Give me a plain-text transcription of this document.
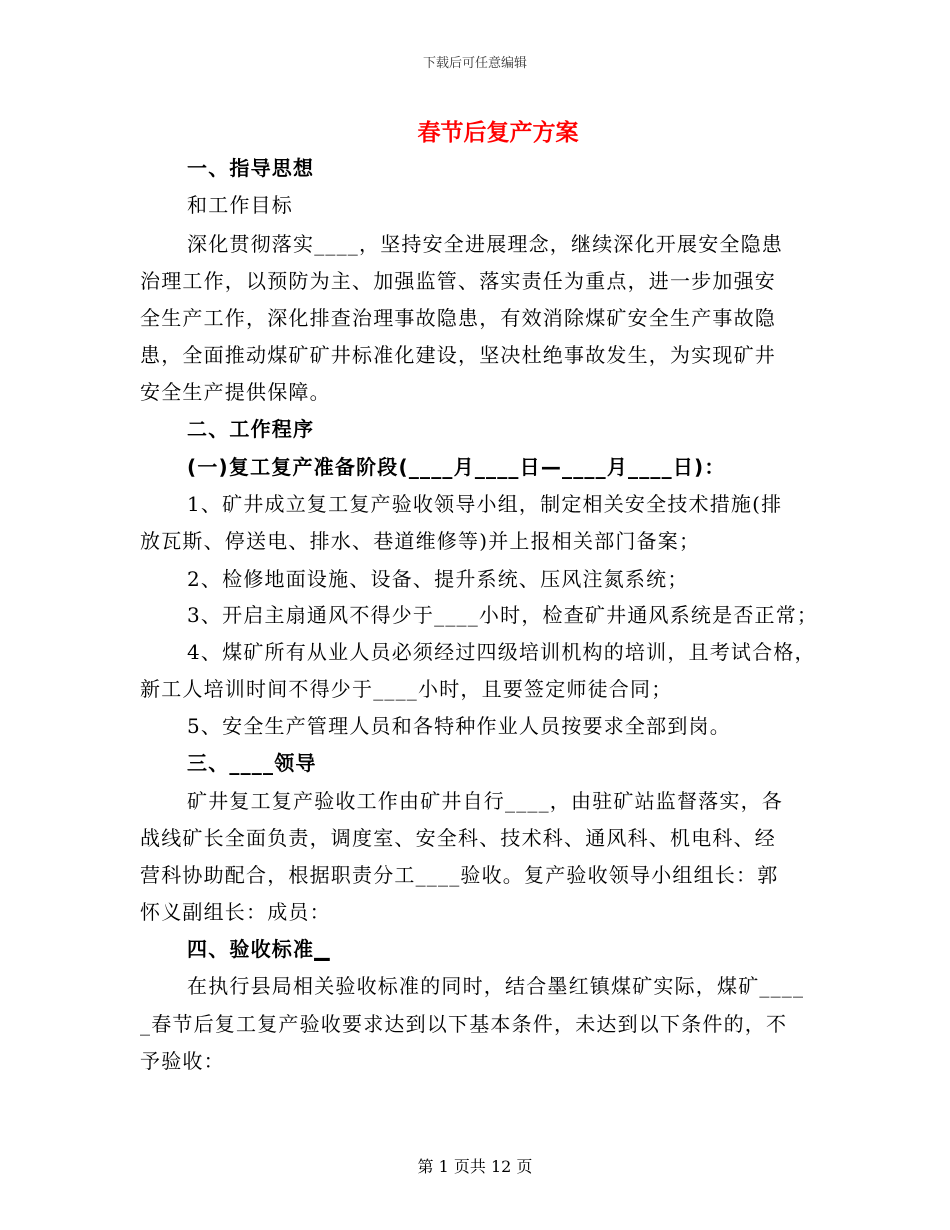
下载后可任意编辑
春节后复产方案
一、指导思想
和工作目标
深化贯彻落实____，坚持安全进展理念，继续深化开展安全隐患
治理工作，以预防为主、加强监管、落实责任为重点，进一步加强安
全生产工作，深化排查治理事故隐患，有效消除煤矿安全生产事故隐
患，全面推动煤矿矿井标准化建设，坚决杜绝事故发生，为实现矿井
安全生产提供保障。
二、工作程序
(一)复工复产准备阶段(____月____日—____月____日)：
1、矿井成立复工复产验收领导小组，制定相关安全技术措施(排
放瓦斯、停送电、排水、巷道维修等)并上报相关部门备案；
2、检修地面设施、设备、提升系统、压风注氮系统；
3、开启主扇通风不得少于____小时，检查矿井通风系统是否正常；
4、煤矿所有从业人员必须经过四级培训机构的培训，且考试合格，
新工人培训时间不得少于____小时，且要签定师徒合同；
5、安全生产管理人员和各特种作业人员按要求全部到岗。
三、____领导
矿井复工复产验收工作由矿井自行____，由驻矿站监督落实，各
战线矿长全面负责，调度室、安全科、技术科、通风科、机电科、经
营科协助配合，根据职责分工____验收。复产验收领导小组组长：郭
怀义副组长：成员：
四、验收标准▁
在执行县局相关验收标准的同时，结合墨红镇煤矿实际，煤矿____
_春节后复工复产验收要求达到以下基本条件，未达到以下条件的，不
予验收：
第 1 页共 12 页
